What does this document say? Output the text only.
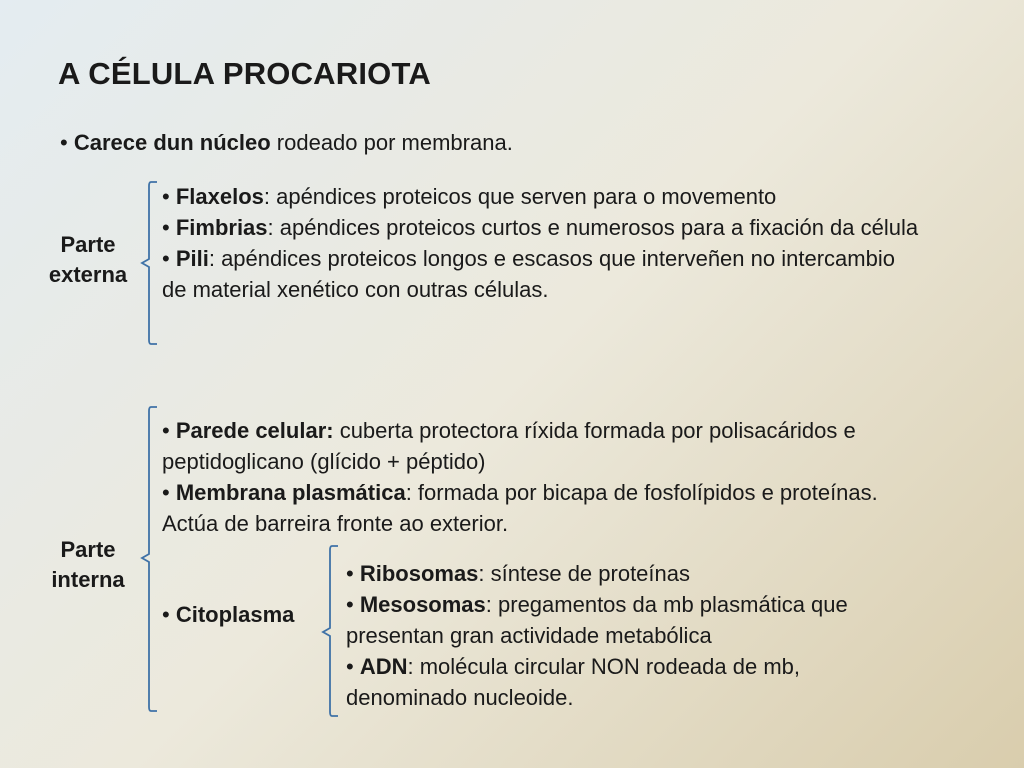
A CÉLULA PROCARIOTA
• Carece dun núcleo rodeado por membrana.
Parte
externa
• Flaxelos: apéndices proteicos que serven para o movemento
• Fimbrias: apéndices proteicos curtos e numerosos para a fixación da célula
• Pili: apéndices proteicos longos e escasos que interveñen no intercambio de material xenético con outras células.
Parte
interna
• Parede celular: cuberta protectora ríxida formada por polisacáridos e peptidoglicano (glícido + péptido)
• Membrana plasmática: formada por bicapa de fosfolípidos e proteínas. Actúa de barreira fronte ao exterior.
• Citoplasma
• Ribosomas: síntese de proteínas
• Mesosomas: pregamentos da mb plasmática que presentan gran actividade metabólica
• ADN: molécula circular NON rodeada de mb, denominado nucleoide.
